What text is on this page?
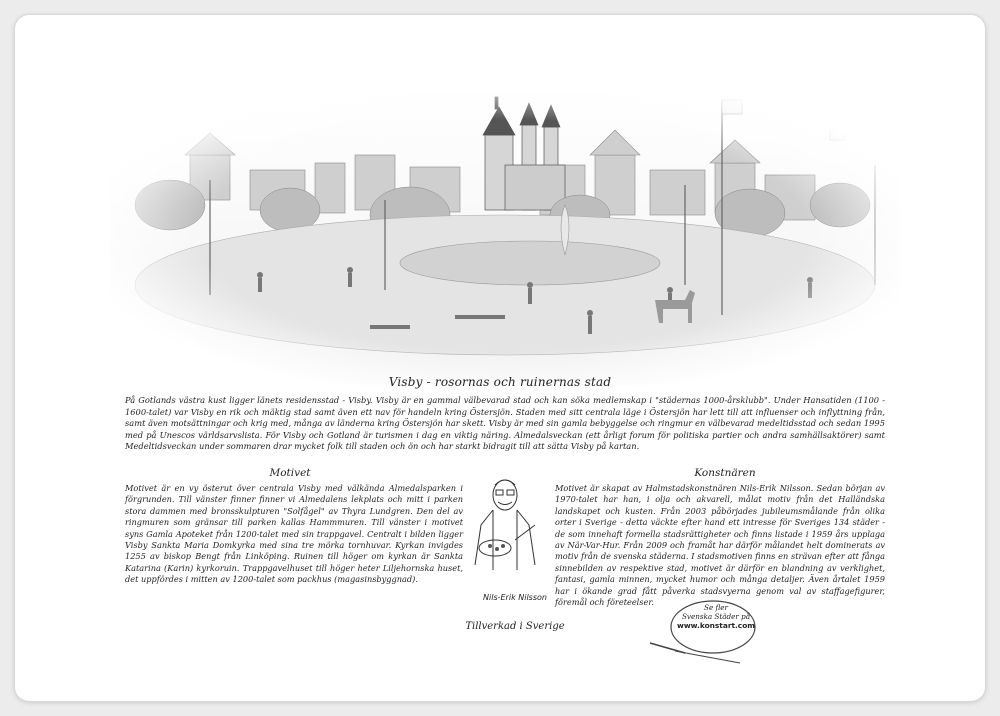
Visby - rosornas och ruinernas stad
På Gotlands västra kust ligger länets residensstad - Visby. Visby är en gammal välbevarad stad och kan söka medlemskap i "städernas 1000-årsklubb". Under Hansatiden (1100 - 1600-talet) var Visby en rik och mäktig stad samt även ett nav för handeln kring Östersjön. Staden med sitt centrala läge i Östersjön har lett till att influenser och inflyttning från, samt även motsättningar och krig med, många av länderna kring Östersjön har skett. Visby är med sin gamla bebyggelse och ringmur en välbevarad medeltidsstad och sedan 1995 med på Unescos världsarvslista. För Visby och Gotland är turismen i dag en viktig näring. Almedalsveckan (ett årligt forum för politiska partier och andra samhällsaktörer) samt Medeltidsveckan under sommaren drar mycket folk till staden och ön och har starkt bidragit till att sätta Visby på kartan.
Motivet
Motivet är en vy österut över centrala Visby med välkända Almedalsparken i förgrunden. Till vänster finner finner vi Almedalens lekplats och mitt i parken stora dammen med bronsskulpturen "Solfågel" av Thyra Lundgren. Den del av ringmuren som gränsar till parken kallas Hammmuren. Till vänster i motivet syns Gamla Apoteket från 1200-talet med sin trappgavel. Centralt i bilden ligger Visby Sankta Maria Domkyrka med sina tre mörka tornhuvar. Kyrkan invigdes 1255 av biskop Bengt från Linköping. Ruinen till höger om kyrkan är Sankta Katarina (Karin) kyrkoruin. Trappgavelhuset till höger heter Liljehornska huset, det uppfördes i mitten av 1200-talet som packhus (magasinsbyggnad).
Nils-Erik Nilsson
Konstnären
Motivet är skapat av Halmstadskonstnären Nils-Erik Nilsson. Sedan början av 1970-talet har han, i olja och akvarell, målat motiv från det Halländska landskapet och kusten. Från 2003 påbörjades jubileumsmålande från olika orter i Sverige - detta väckte efter hand ett intresse för Sveriges 134 städer - de som innehaft formella stadsrättigheter och finns listade i 1959 års upplaga av När-Var-Hur. Från 2009 och framåt har därför målandet helt dominerats av motiv från de svenska städerna. I stadsmotiven finns en strävan efter att fånga sinnebilden av respektive stad, motivet är därför en blandning av verklighet, fantasi, gamla minnen, mycket humor och många detaljer. Även årtalet 1959 har i ökande grad fått påverka stadsvyerna genom val av staffagefigurer, föremål och företeelser.
Tillverkad i Sverige
Se fler
Svenska Städer på
www.konstart.com
